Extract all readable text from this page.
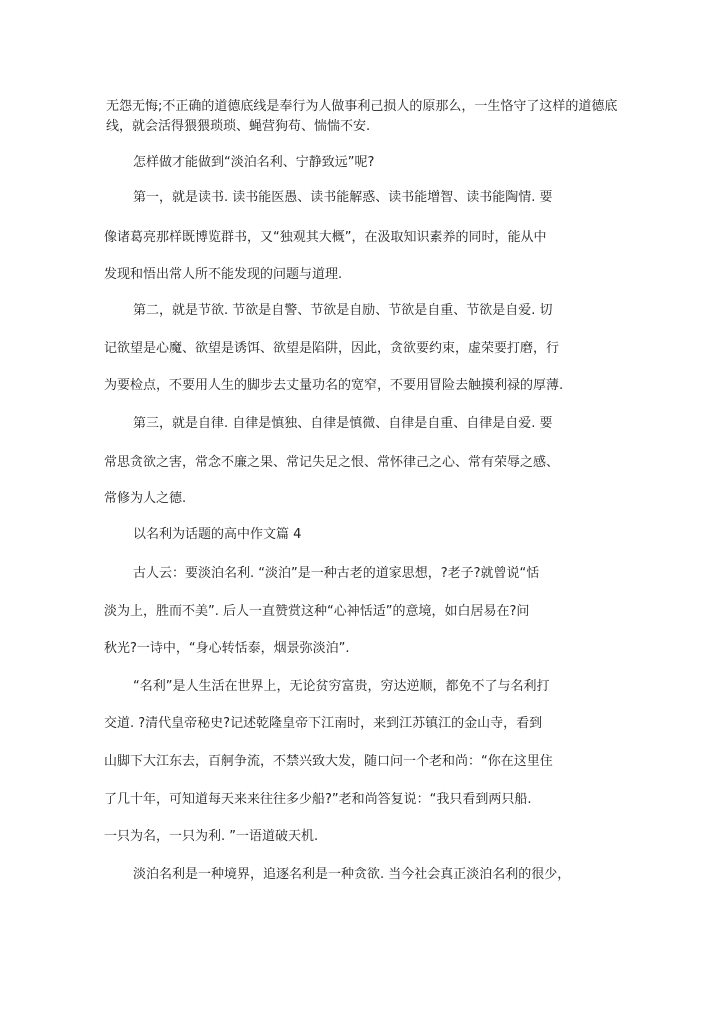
无怨无悔;不正确的道德底线是奉行为人做事利己损人的原那么，一生恪守了这样的道德底
线，就会活得猥猥琐琐、蝇营狗苟、惴惴不安.
怎样做才能做到“淡泊名利、宁静致远”呢?
第一，就是读书. 读书能医愚、读书能解惑、读书能增智、读书能陶情. 要
像诸葛亮那样既博览群书，又“独观其大概”，在汲取知识素养的同时，能从中
发现和悟出常人所不能发现的问题与道理.
第二，就是节欲. 节欲是自警、节欲是自励、节欲是自重、节欲是自爱. 切
记欲望是心魔、欲望是诱饵、欲望是陷阱，因此，贪欲要约束，虚荣要打磨，行
为要检点，不要用人生的脚步去丈量功名的宽窄，不要用冒险去触摸利禄的厚薄.
第三，就是自律. 自律是慎独、自律是慎微、自律是自重、自律是自爱. 要
常思贪欲之害，常念不廉之果、常记失足之恨、常怀律己之心、常有荣辱之感、
常修为人之德.
以名利为话题的高中作文篇 4
古人云：要淡泊名利. “淡泊”是一种古老的道家思想，?老子?就曾说“恬
淡为上，胜而不美”. 后人一直赞赏这种“心神恬适”的意境，如白居易在?问
秋光?一诗中，“身心转恬泰，烟景弥淡泊”.
“名利”是人生活在世界上，无论贫穷富贵，穷达逆顺，都免不了与名利打
交道. ?清代皇帝秘史?记述乾隆皇帝下江南时，来到江苏镇江的金山寺，看到
山脚下大江东去，百舸争流，不禁兴致大发，随口问一个老和尚：“你在这里住
了几十年，可知道每天来来往往多少船?”老和尚答复说：“我只看到两只船.
一只为名，一只为利. ”一语道破天机.
淡泊名利是一种境界，追逐名利是一种贪欲. 当今社会真正淡泊名利的很少，
